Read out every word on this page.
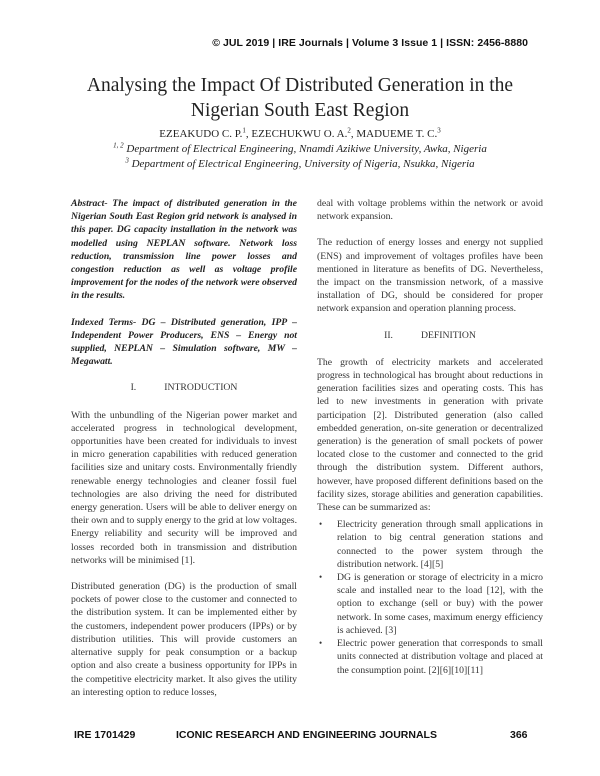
© JUL 2019 | IRE Journals | Volume 3 Issue 1 | ISSN: 2456-8880
Analysing the Impact Of Distributed Generation in the
Nigerian South East Region
EZEAKUDO C. P.$^1$, EZECHUKWU O. A.$^2$, MADUEME T. C.$^3$
$^{1, 2}$ Department of Electrical Engineering, Nnamdi Azikiwe University, Awka, Nigeria
$^3$ Department of Electrical Engineering, University of Nigeria, Nsukka, Nigeria

Abstract- The impact of distributed generation in the Nigerian South East Region grid network is analysed in this paper. DG capacity installation in the network was modelled using NEPLAN software. Network loss reduction, transmission line power losses and congestion reduction as well as voltage profile improvement for the nodes of the network were observed in the results.

Indexed Terms- DG – Distributed generation, IPP – Independent Power Producers, ENS – Energy not supplied, NEPLAN – Simulation software, MW – Megawatt.

I.	INTRODUCTION

With the unbundling of the Nigerian power market and accelerated progress in technological development, opportunities have been created for individuals to invest in micro generation capabilities with reduced generation facilities size and unitary costs. Environmentally friendly renewable energy technologies and cleaner fossil fuel technologies are also driving the need for distributed energy generation. Users will be able to deliver energy on their own and to supply energy to the grid at low voltages. Energy reliability and security will be improved and losses recorded both in transmission and distribution networks will be minimised [1].

Distributed generation (DG) is the production of small pockets of power close to the customer and connected to the distribution system. It can be implemented either by the customers, independent power producers (IPPs) or by distribution utilities. This will provide customers an alternative supply for peak consumption or a backup option and also create a business opportunity for IPPs in the competitive electricity market. It also gives the utility an interesting option to reduce losses,

deal with voltage problems within the network or avoid network expansion.

The reduction of energy losses and energy not supplied (ENS) and improvement of voltages profiles have been mentioned in literature as benefits of DG. Nevertheless, the impact on the transmission network, of a massive installation of DG, should be considered for proper network expansion and operation planning process.

II.	DEFINITION

The growth of electricity markets and accelerated progress in technological has brought about reductions in generation facilities sizes and operating costs. This has led to new investments in generation with private participation [2]. Distributed generation (also called embedded generation, on-site generation or decentralized generation) is the generation of small pockets of power located close to the customer and connected to the grid through the distribution system. Different authors, however, have proposed different definitions based on the facility sizes, storage abilities and generation capabilities. These can be summarized as:

• Electricity generation through small applications in relation to big central generation stations and connected to the power system through the distribution network. [4][5]
• DG is generation or storage of electricity in a micro scale and installed near to the load [12], with the option to exchange (sell or buy) with the power network. In some cases, maximum energy efficiency is achieved. [3]
• Electric power generation that corresponds to small units connected at distribution voltage and placed at the consumption point. [2][6][10][11]
IRE 1701429	ICONIC RESEARCH AND ENGINEERING JOURNALS	366
